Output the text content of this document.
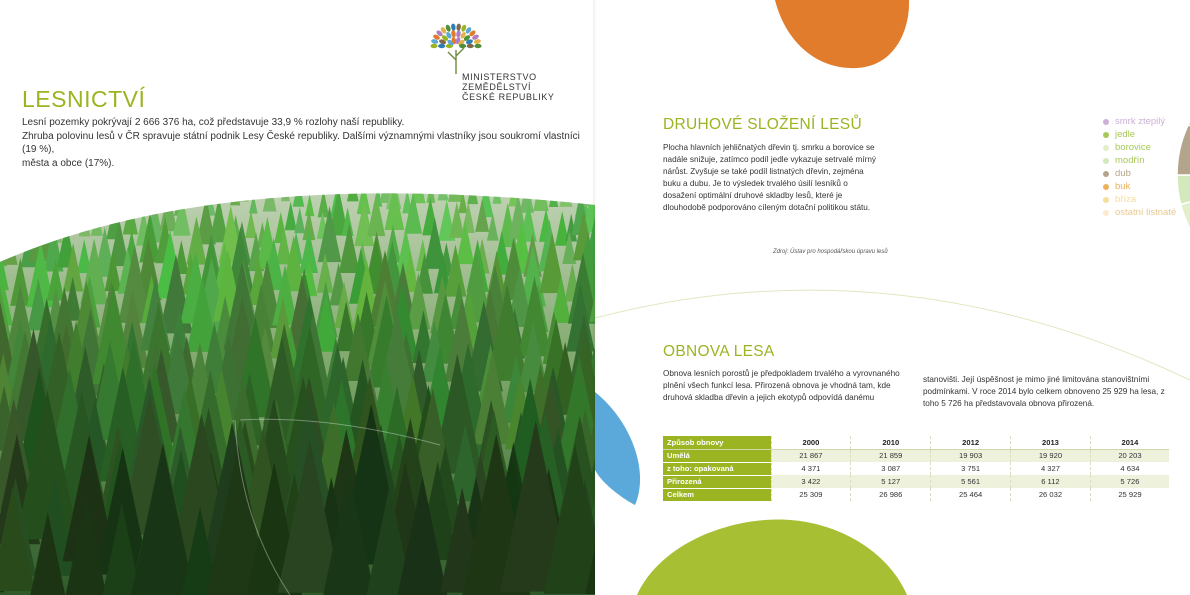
MINISTERSTVO ZEMĚDĚLSTVÍ
ČESKÉ REPUBLIKY
LESNICTVÍ
Lesní pozemky pokrývají 2 666 376 ha, což představuje 33,9 % rozlohy naší republiky.
Zhruba polovinu lesů v ČR spravuje státní podnik Lesy České republiky. Dalšími významnými vlastníky jsou soukromí vlastníci (19 %),
města a obce (17%).
DRUHOVÉ SLOŽENÍ LESŮ

Plocha hlavních jehličnatých dřevin tj. smrku a borovice se nadále snižuje, zatímco podíl jedle vykazuje setrvalé mírný nárůst. Zvyšuje se také podíl listnatých dřevin, zejména buku a dubu. Je to výsledek trvalého úsilí lesníků o dosažení optimální druhové skladby lesů, které je dlouhodobě podporováno cíleným dotační politikou státu.

Zdroj: Ústav pro hospodářskou úpravu lesů
smrk ztepilý
jedle
borovice
modřín
dub
buk
bříza
ostatní listnaté
OBNOVA LESA

Obnova lesních porostů je předpokladem trvalého a vyrovnaného plnění všech funkcí lesa. Přirozená obnova je vhodná tam, kde druhová skladba dřevin a jejich ekotypů odpovídá danému

stanovišti. Její úspěšnost je mimo jiné limitována stanovištními podmínkami. V roce 2014 bylo celkem obnoveno 25 929 ha lesa, z toho 5 726 ha představovala obnova přirozená.

Způsob obnovy	2000	2010	2012	2013	2014
Umělá	21 867	21 859	19 903	19 920	20 203
z toho: opakovaná	4 371	3 087	3 751	4 327	4 634
Přirozená	3 422	5 127	5 561	6 112	5 726
Celkem	25 309	26 986	25 464	26 032	25 929
